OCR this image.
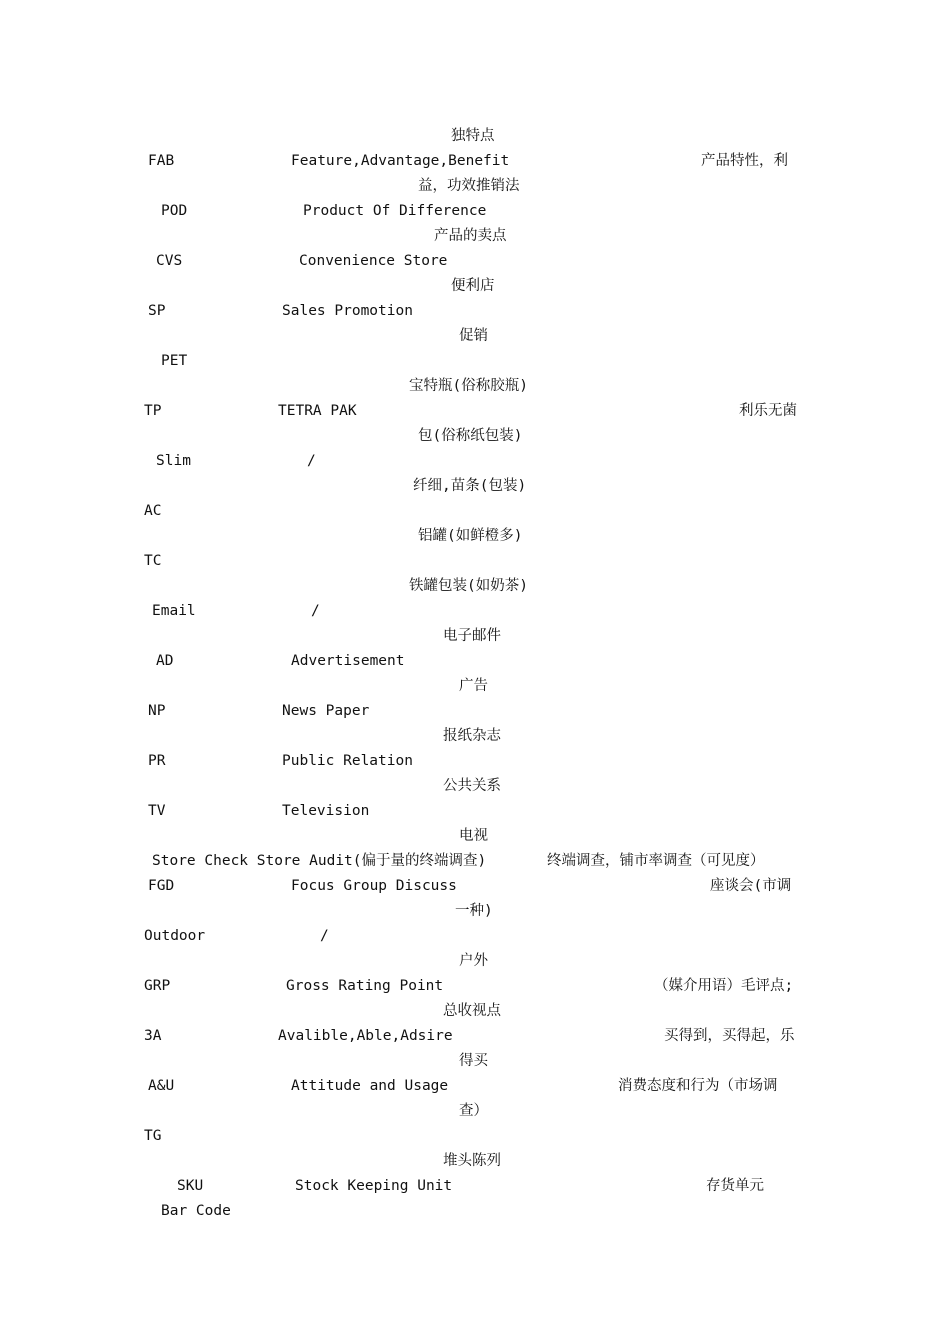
独特点
FAB	Feature,Advantage,Benefit	产品特性，利
益，功效推销法
POD	Product Of Difference
产品的卖点
CVS	Convenience Store
便利店
SP	Sales Promotion
促销
PET
宝特瓶(俗称胶瓶)
TP	TETRA PAK	利乐无菌
包(俗称纸包装)
Slim	/
纤细,苗条(包装)
AC
铝罐(如鲜橙多)
TC
铁罐包装(如奶茶)
Email	/
电子邮件
AD	Advertisement
广告
NP	News Paper
报纸杂志
PR	Public Relation
公共关系
TV	Television
电视
Store Check Store Audit(偏于量的终端调查)	终端调查，铺市率调查（可见度）
FGD	Focus Group Discuss	座谈会(市调
一种)
Outdoor	/
户外
GRP	Gross Rating Point	（媒介用语）毛评点;
总收视点
3A	Avalible,Able,Adsire	买得到，买得起，乐
得买
A&U	Attitude and Usage	消费态度和行为（市场调
查）
TG
堆头陈列
SKU	Stock Keeping Unit	存货单元
Bar Code
